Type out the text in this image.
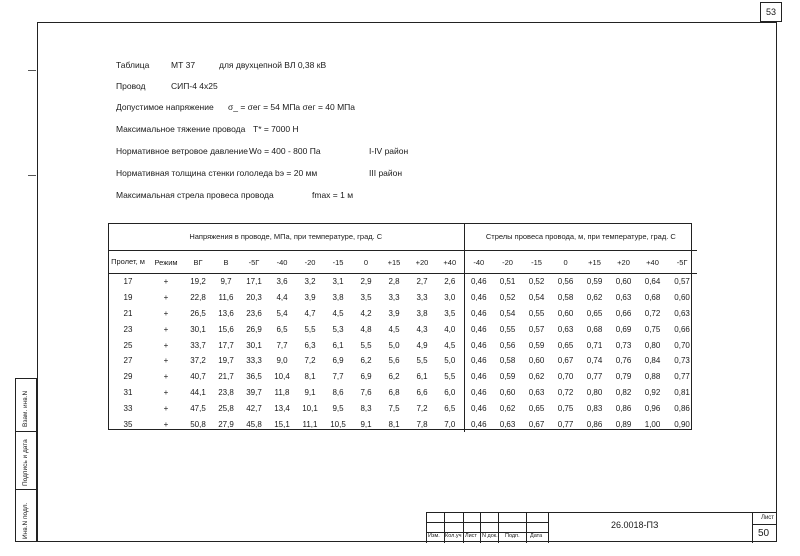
53
Таблица	МТ 37	для двухцепной ВЛ 0,38 кВ
Провод	СИП-4 4х25
Допустимое напряжение σ_ = σег = 54 МПа σег = 40 МПа
Максимальное тяжение провода Т* = 7000 Н
Нормативное ветровое давление Wо = 400 - 800 Па	I-IV район
Нормативная толщина стенки гололеда bэ = 20 мм	III район
Максимальная стрела провеса провода	fmax = 1 м
Напряжения в проводе, МПа, при температуре, град. С												Стрелы провеса провода, м, при температуре, град. С							
Пролет, м	Режим	ВГ	В	-5Г	-40	-20	-15	0	+15	+20	+40	-40	-20	-15	0	+15	+20	+40	-5Г
17	+	19,2	9,7	17,1	3,6	3,2	3,1	2,9	2,8	2,7	2,6	0,46	0,51	0,52	0,56	0,59	0,60	0,64	0,57
19	+	22,8	11,6	20,3	4,4	3,9	3,8	3,5	3,3	3,3	3,0	0,46	0,52	0,54	0,58	0,62	0,63	0,68	0,60
21	+	26,5	13,6	23,6	5,4	4,7	4,5	4,2	3,9	3,8	3,5	0,46	0,54	0,55	0,60	0,65	0,66	0,72	0,63
23	+	30,1	15,6	26,9	6,5	5,5	5,3	4,8	4,5	4,3	4,0	0,46	0,55	0,57	0,63	0,68	0,69	0,75	0,66
25	+	33,7	17,7	30,1	7,7	6,3	6,1	5,5	5,0	4,9	4,5	0,46	0,56	0,59	0,65	0,71	0,73	0,80	0,70
27	+	37,2	19,7	33,3	9,0	7,2	6,9	6,2	5,6	5,5	5,0	0,46	0,58	0,60	0,67	0,74	0,76	0,84	0,73
29	+	40,7	21,7	36,5	10,4	8,1	7,7	6,9	6,2	6,1	5,5	0,46	0,59	0,62	0,70	0,77	0,79	0,88	0,77
31	+	44,1	23,8	39,7	11,8	9,1	8,6	7,6	6,8	6,6	6,0	0,46	0,60	0,63	0,72	0,80	0,82	0,92	0,81
33	+	47,5	25,8	42,7	13,4	10,1	9,5	8,3	7,5	7,2	6,5	0,46	0,62	0,65	0,75	0,83	0,86	0,96	0,86
35	+	50,8	27,9	45,8	15,1	11,1	10,5	9,1	8,1	7,8	7,0	0,46	0,63	0,67	0,77	0,86	0,89	1,00	0,90
Взам. инв.N
Подпись и дата
Инв.N подл.	Изм. Кол.уч Лист N док. Подп. Дата
26.0018-ПЗ
Лист
50
